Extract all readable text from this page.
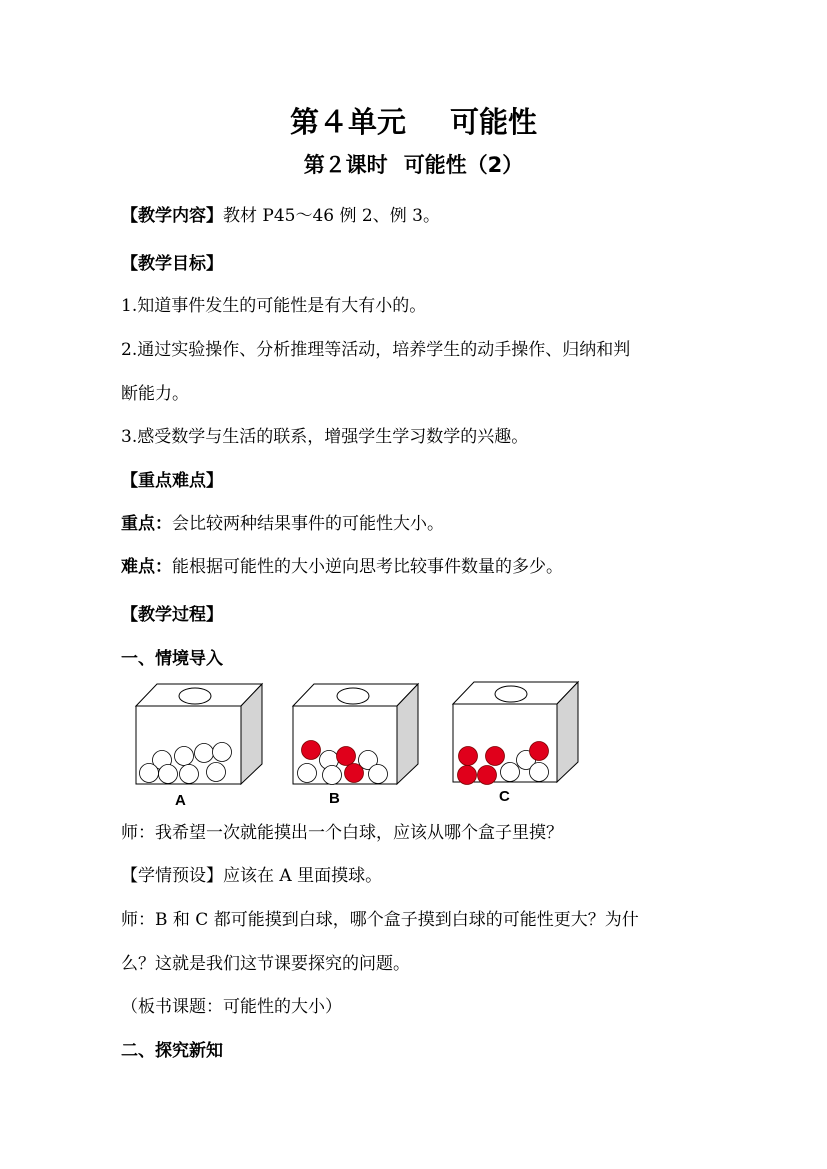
第４单元 可能性
第２课时 可能性（2）
【教学内容】教材 P45～46 例 2、例 3。
【教学目标】
1.知道事件发生的可能性是有大有小的。
2.通过实验操作、分析推理等活动，培养学生的动手操作、归纳和判
断能力。
3.感受数学与生活的联系，增强学生学习数学的兴趣。
【重点难点】
重点：会比较两种结果事件的可能性大小。
难点：能根据可能性的大小逆向思考比较事件数量的多少。
【教学过程】
一、情境导入
A	B	C
师：我希望一次就能摸出一个白球，应该从哪个盒子里摸？
【学情预设】应该在 A 里面摸球。
师：B 和 C 都可能摸到白球，哪个盒子摸到白球的可能性更大？为什
么？这就是我们这节课要探究的问题。
（板书课题：可能性的大小）
二、探究新知
